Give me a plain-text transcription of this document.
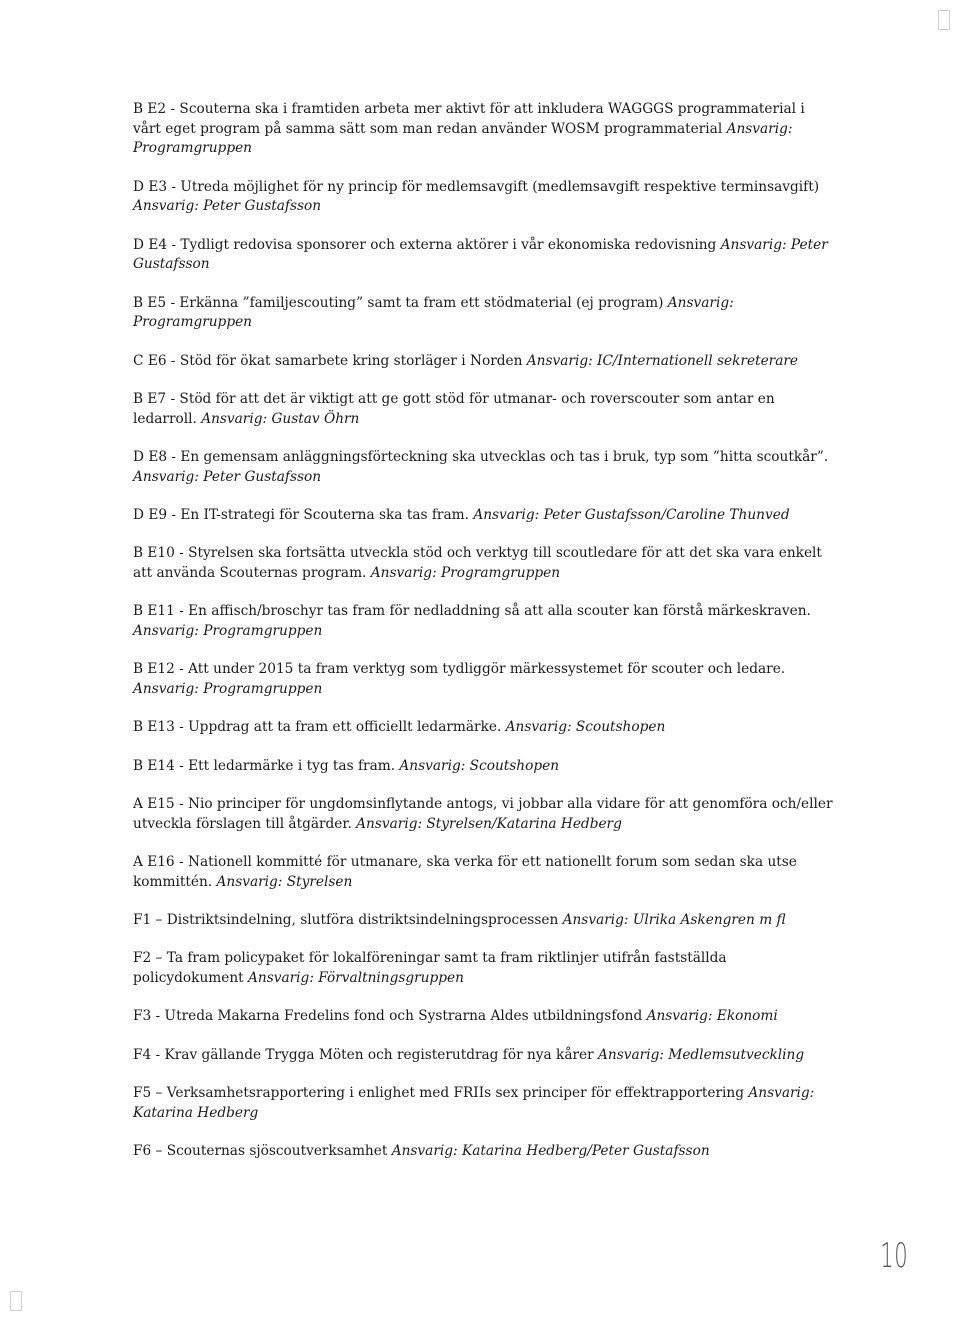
B E2 - Scouterna ska i framtiden arbeta mer aktivt för att inkludera WAGGGS programmaterial i vårt eget program på samma sätt som man redan använder WOSM programmaterial Ansvarig: Programgruppen

D E3 - Utreda möjlighet för ny princip för medlemsavgift (medlemsavgift respektive terminsavgift) Ansvarig: Peter Gustafsson

D E4 - Tydligt redovisa sponsorer och externa aktörer i vår ekonomiska redovisning Ansvarig: Peter Gustafsson

B E5 - Erkänna ”familjescouting” samt ta fram ett stödmaterial (ej program) Ansvarig: Programgruppen

C E6 - Stöd för ökat samarbete kring storläger i Norden Ansvarig: IC/Internationell sekreterare

B E7 - Stöd för att det är viktigt att ge gott stöd för utmanar- och roverscouter som antar en ledarroll. Ansvarig: Gustav Öhrn

D E8 - En gemensam anläggningsförteckning ska utvecklas och tas i bruk, typ som ”hitta scoutkår”. Ansvarig: Peter Gustafsson

D E9 - En IT-strategi för Scouterna ska tas fram. Ansvarig: Peter Gustafsson/Caroline Thunved

B E10 - Styrelsen ska fortsätta utveckla stöd och verktyg till scoutledare för att det ska vara enkelt att använda Scouternas program. Ansvarig: Programgruppen

B E11 - En affisch/broschyr tas fram för nedladdning så att alla scouter kan förstå märkeskraven. Ansvarig: Programgruppen

B E12 - Att under 2015 ta fram verktyg som tydliggör märkessystemet för scouter och ledare. Ansvarig: Programgruppen

B E13 - Uppdrag att ta fram ett officiellt ledarmärke. Ansvarig: Scoutshopen

B E14 - Ett ledarmärke i tyg tas fram. Ansvarig: Scoutshopen

A E15 - Nio principer för ungdomsinflytande antogs, vi jobbar alla vidare för att genomföra och/eller utveckla förslagen till åtgärder. Ansvarig: Styrelsen/Katarina Hedberg

A E16 - Nationell kommitté för utmanare, ska verka för ett nationellt forum som sedan ska utse kommittén. Ansvarig: Styrelsen

F1 – Distriktsindelning, slutföra distriktsindelningsprocessen Ansvarig: Ulrika Askengren m fl

F2 – Ta fram policypaket för lokalföreningar samt ta fram riktlinjer utifrån fastställda policydokument Ansvarig: Förvaltningsgruppen

F3 - Utreda Makarna Fredelins fond och Systrarna Aldes utbildningsfond Ansvarig: Ekonomi

F4 - Krav gällande Trygga Möten och registerutdrag för nya kårer Ansvarig: Medlemsutveckling

F5 – Verksamhetsrapportering i enlighet med FRIIs sex principer för effektrapportering Ansvarig: Katarina Hedberg

F6 – Scouternas sjöscoutverksamhet Ansvarig: Katarina Hedberg/Peter Gustafsson

10
